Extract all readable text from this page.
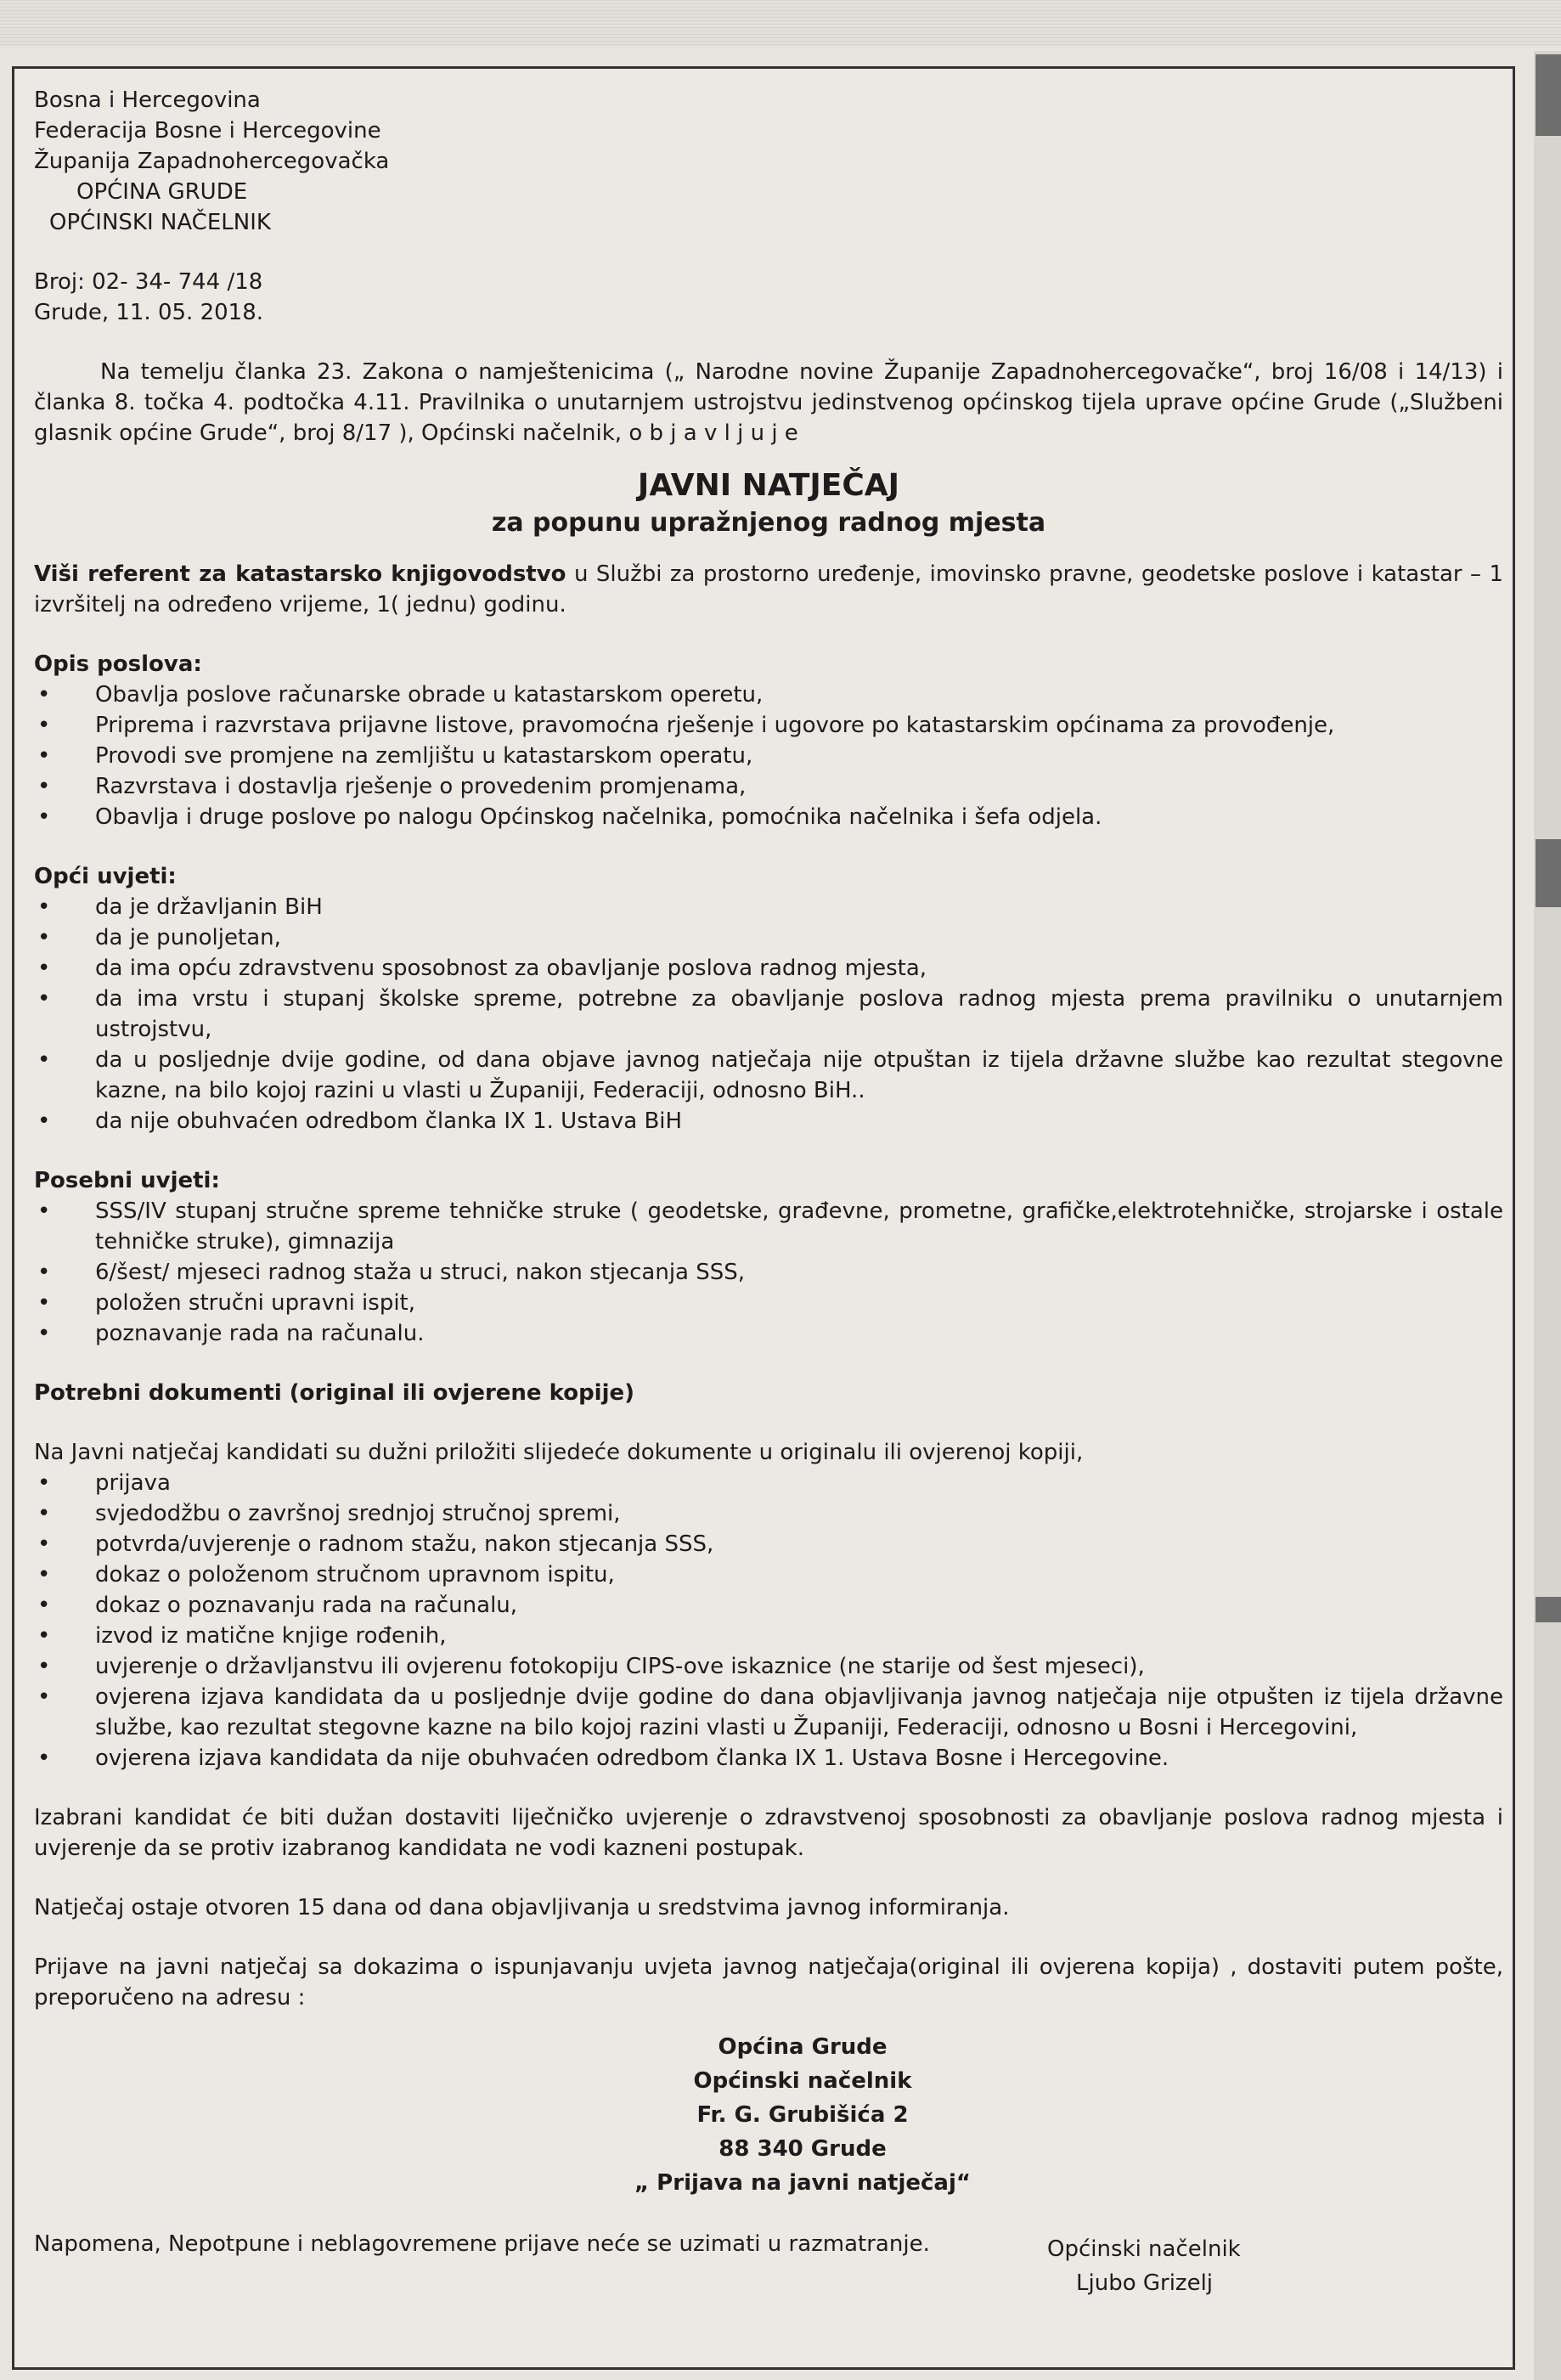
Bosna i Hercegovina

Federacija Bosne i Hercegovine

Županija Zapadnohercegovačka

OPĆINA GRUDE

OPĆINSKI NAČELNIK

Broj: 02- 34- 744 /18

Grude, 11. 05. 2018.

Na temelju članka 23. Zakona o namještenicima („ Narodne novine Županije Zapadnohercegovačke“, broj 16/08 i 14/13) i članka 8. točka 4. podtočka 4.11. Pravilnika o unutarnjem ustrojstvu jedinstvenog općinskog tijela uprave općine Grude („Službeni glasnik općine Grude“, broj 8/17 ), Općinski načelnik, o b j a v l j u j e

JAVNI NATJEČAJ

za popunu upražnjenog radnog mjesta

Viši referent za katastarsko knjigovodstvo u Službi za prostorno uređenje, imovinsko pravne, geodetske poslove i katastar – 1 izvršitelj na određeno vrijeme, 1( jednu) godinu.

Opis poslova:

• Obavlja poslove računarske obrade u katastarskom operetu,
• Priprema i razvrstava prijavne listove, pravomoćna rješenje i ugovore po katastarskim općinama za provođenje,
• Provodi sve promjene na zemljištu u katastarskom operatu,
• Razvrstava i dostavlja rješenje o provedenim promjenama,
• Obavlja i druge poslove po nalogu Općinskog načelnika, pomoćnika načelnika i šefa odjela.

Opći uvjeti:

• da je državljanin BiH
• da je punoljetan,
• da ima opću zdravstvenu sposobnost za obavljanje poslova radnog mjesta,
• da ima vrstu i stupanj školske spreme, potrebne za obavljanje poslova radnog mjesta prema pravilniku o unutarnjem ustrojstvu,
• da u posljednje dvije godine, od dana objave javnog natječaja nije otpuštan iz tijela državne službe kao rezultat stegovne kazne, na bilo kojoj razini u vlasti u Županiji, Federaciji, odnosno BiH..
• da nije obuhvaćen odredbom članka IX 1. Ustava BiH

Posebni uvjeti:

• SSS/IV stupanj stručne spreme tehničke struke ( geodetske, građevne, prometne, grafičke,elektrotehničke, strojarske i ostale tehničke struke), gimnazija
• 6/šest/ mjeseci radnog staža u struci, nakon stjecanja SSS,
• položen stručni upravni ispit,
• poznavanje rada na računalu.

Potrebni dokumenti (original ili ovjerene kopije)

Na Javni natječaj kandidati su dužni priložiti slijedeće dokumente u originalu ili ovjerenoj kopiji,

• prijava
• svjedodžbu o završnoj srednjoj stručnoj spremi,
• potvrda/uvjerenje o radnom stažu, nakon stjecanja SSS,
• dokaz o položenom stručnom upravnom ispitu,
• dokaz o poznavanju rada na računalu,
• izvod iz matične knjige rođenih,
• uvjerenje o državljanstvu ili ovjerenu fotokopiju CIPS-ove iskaznice (ne starije od šest mjeseci),
• ovjerena izjava kandidata da u posljednje dvije godine do dana objavljivanja javnog natječaja nije otpušten iz tijela državne službe, kao rezultat stegovne kazne na bilo kojoj razini vlasti u Županiji, Federaciji, odnosno u Bosni i Hercegovini,
• ovjerena izjava kandidata da nije obuhvaćen odredbom članka IX 1. Ustava Bosne i Hercegovine.

Izabrani kandidat će biti dužan dostaviti liječničko uvjerenje o zdravstvenoj sposobnosti za obavljanje poslova radnog mjesta i uvjerenje da se protiv izabranog kandidata ne vodi kazneni postupak.

Natječaj ostaje otvoren 15 dana od dana objavljivanja u sredstvima javnog informiranja.

Prijave na javni natječaj sa dokazima o ispunjavanju uvjeta javnog natječaja(original ili ovjerena kopija) , dostaviti putem pošte, preporučeno na adresu :

Općina Grude

Općinski načelnik

Fr. G. Grubišića 2

88 340 Grude

„ Prijava na javni natječaj“

Napomena, Nepotpune i neblagovremene prijave neće se uzimati u razmatranje.	Općinski načelnik

Ljubo Grizelj
